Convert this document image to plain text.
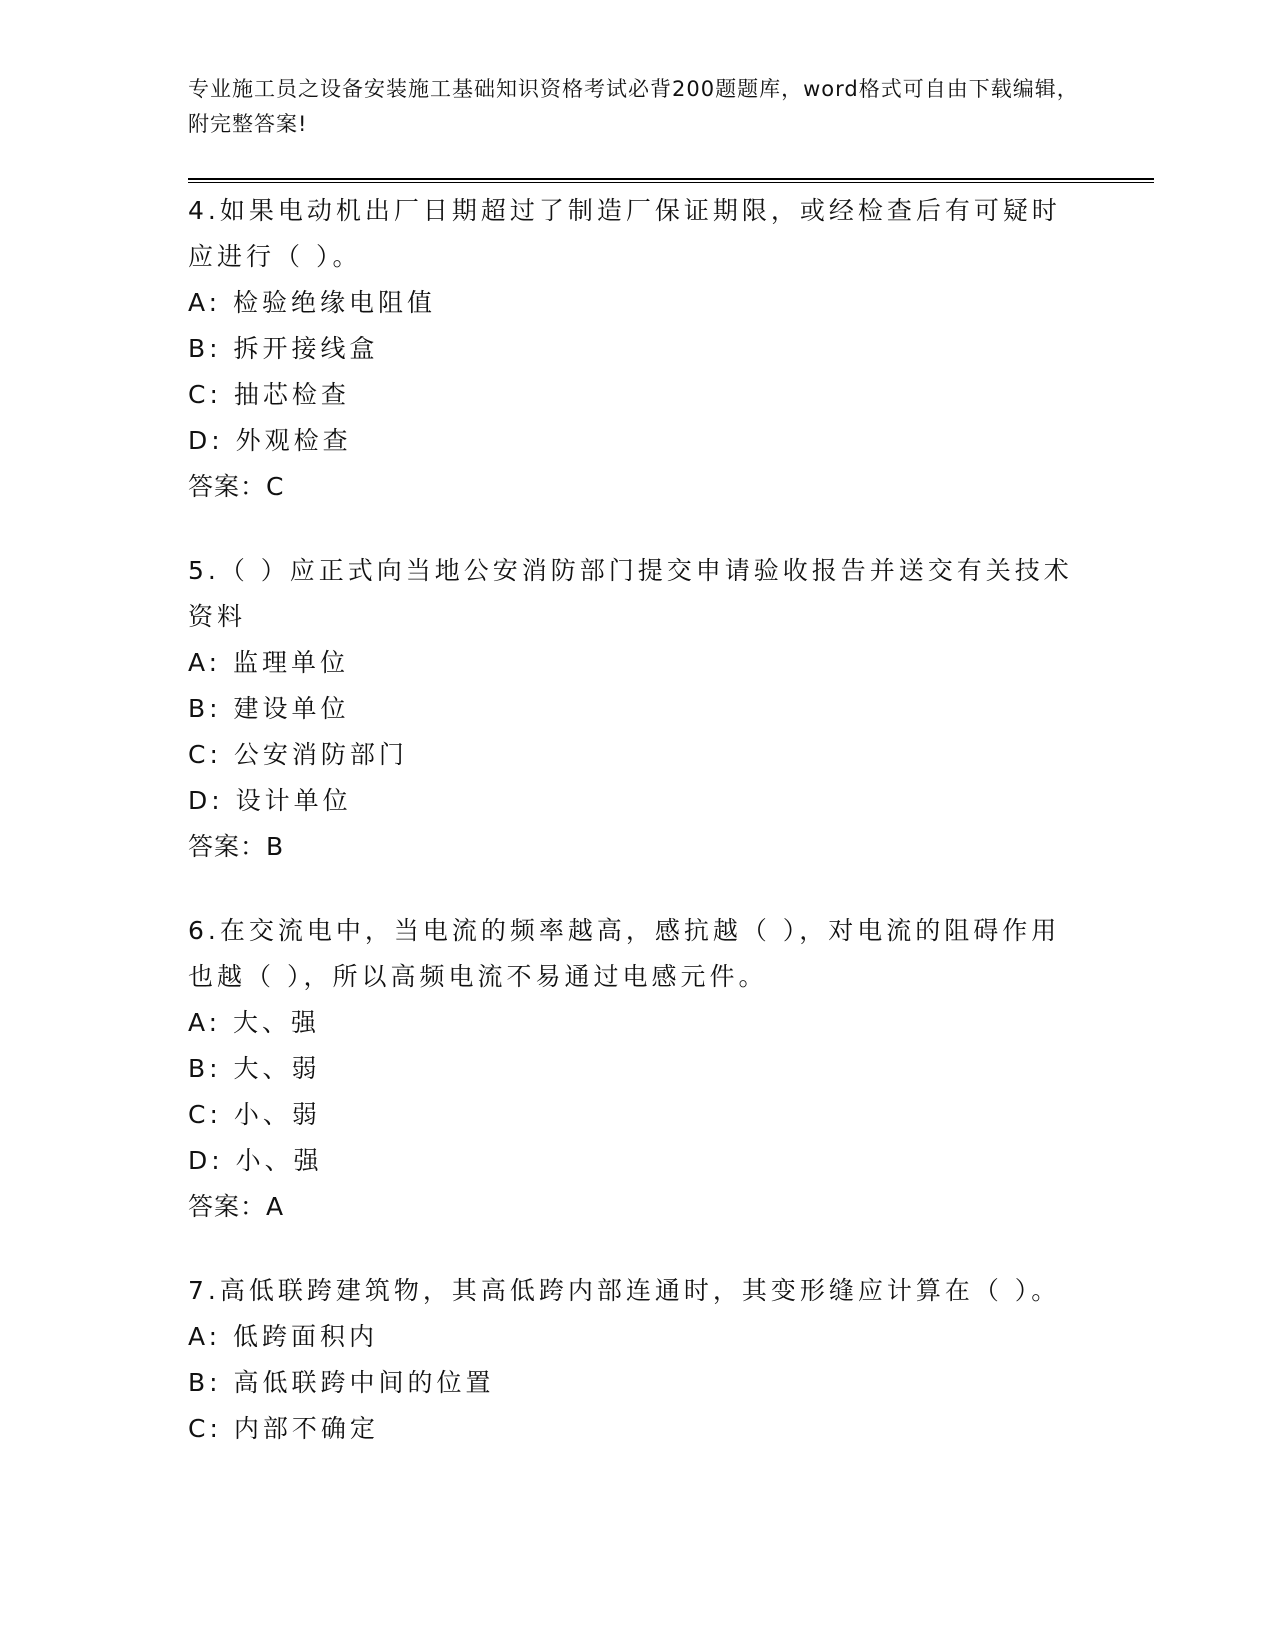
专业施工员之设备安装施工基础知识资格考试必背200题题库，word格式可自由下载编辑，附完整答案!

4.如果电动机出厂日期超过了制造厂保证期限，或经检查后有可疑时应进行（ ）。

A: 检验绝缘电阻值

B: 拆开接线盒

C: 抽芯检查

D: 外观检查

答案：C

5.（ ）应正式向当地公安消防部门提交申请验收报告并送交有关技术资料

A: 监理单位

B: 建设单位

C: 公安消防部门

D: 设计单位

答案：B

6.在交流电中，当电流的频率越高，感抗越（ ），对电流的阻碍作用也越（ ），所以高频电流不易通过电感元件。

A: 大、强

B: 大、弱

C: 小、弱

D: 小、强

答案：A

7.高低联跨建筑物，其高低跨内部连通时，其变形缝应计算在（ ）。

A: 低跨面积内

B: 高低联跨中间的位置

C: 内部不确定
